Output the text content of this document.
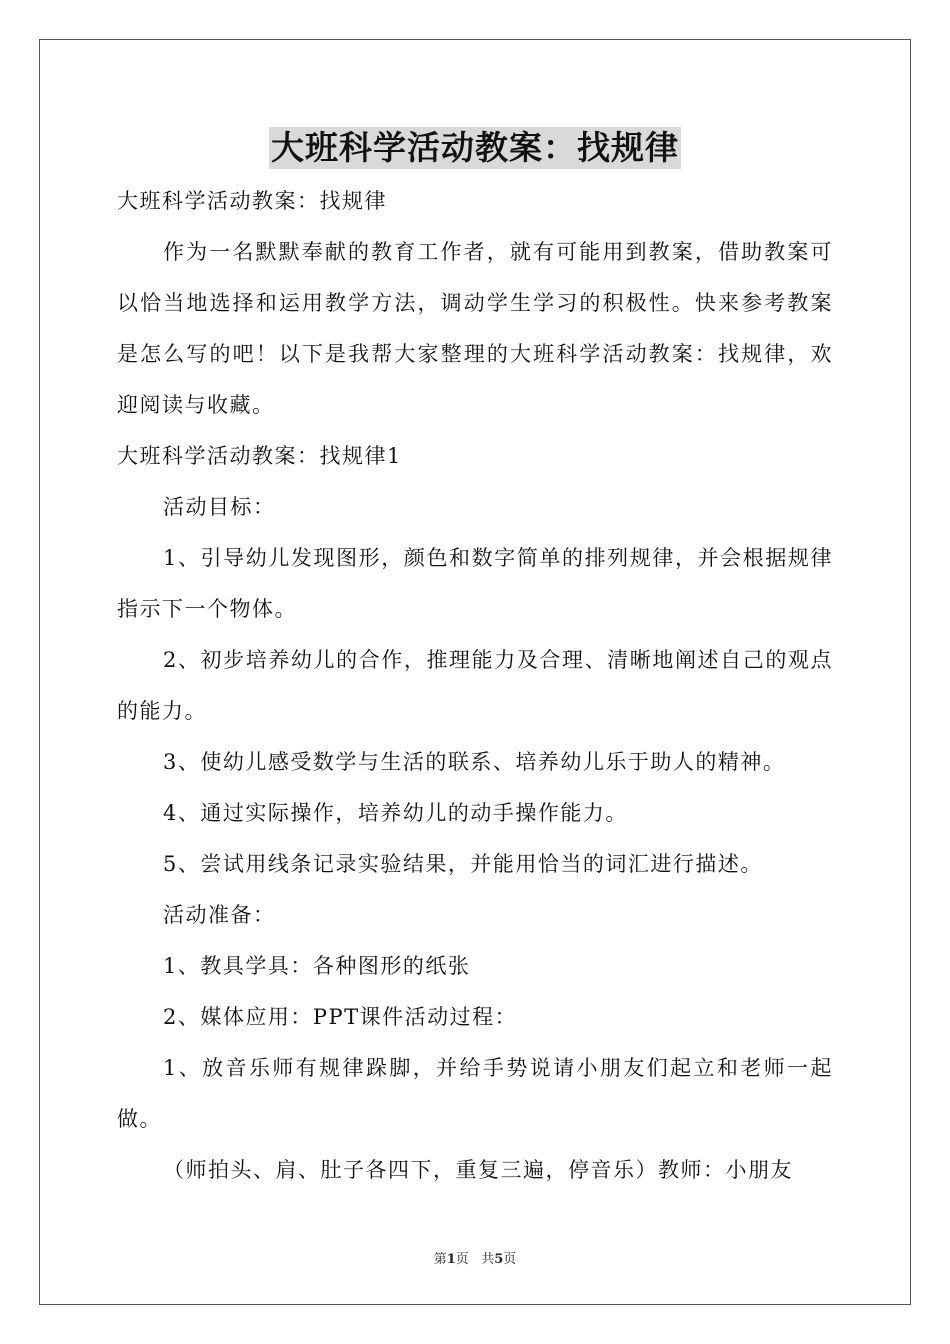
大班科学活动教案：找规律

大班科学活动教案：找规律

作为一名默默奉献的教育工作者，就有可能用到教案，借助教案可以恰当地选择和运用教学方法，调动学生学习的积极性。快来参考教案是怎么写的吧！以下是我帮大家整理的大班科学活动教案：找规律，欢迎阅读与收藏。

大班科学活动教案：找规律1

活动目标：

1、引导幼儿发现图形，颜色和数字简单的排列规律，并会根据规律指示下一个物体。

2、初步培养幼儿的合作，推理能力及合理、清晰地阐述自己的观点的能力。

3、使幼儿感受数学与生活的联系、培养幼儿乐于助人的精神。

4、通过实际操作，培养幼儿的动手操作能力。

5、尝试用线条记录实验结果，并能用恰当的词汇进行描述。

活动准备：

1、教具学具：各种图形的纸张

2、媒体应用：PPT课件活动过程：

1、放音乐师有规律跺脚，并给手势说请小朋友们起立和老师一起做。

（师拍头、肩、肚子各四下，重复三遍，停音乐）教师：小朋友

第1页 共5页
